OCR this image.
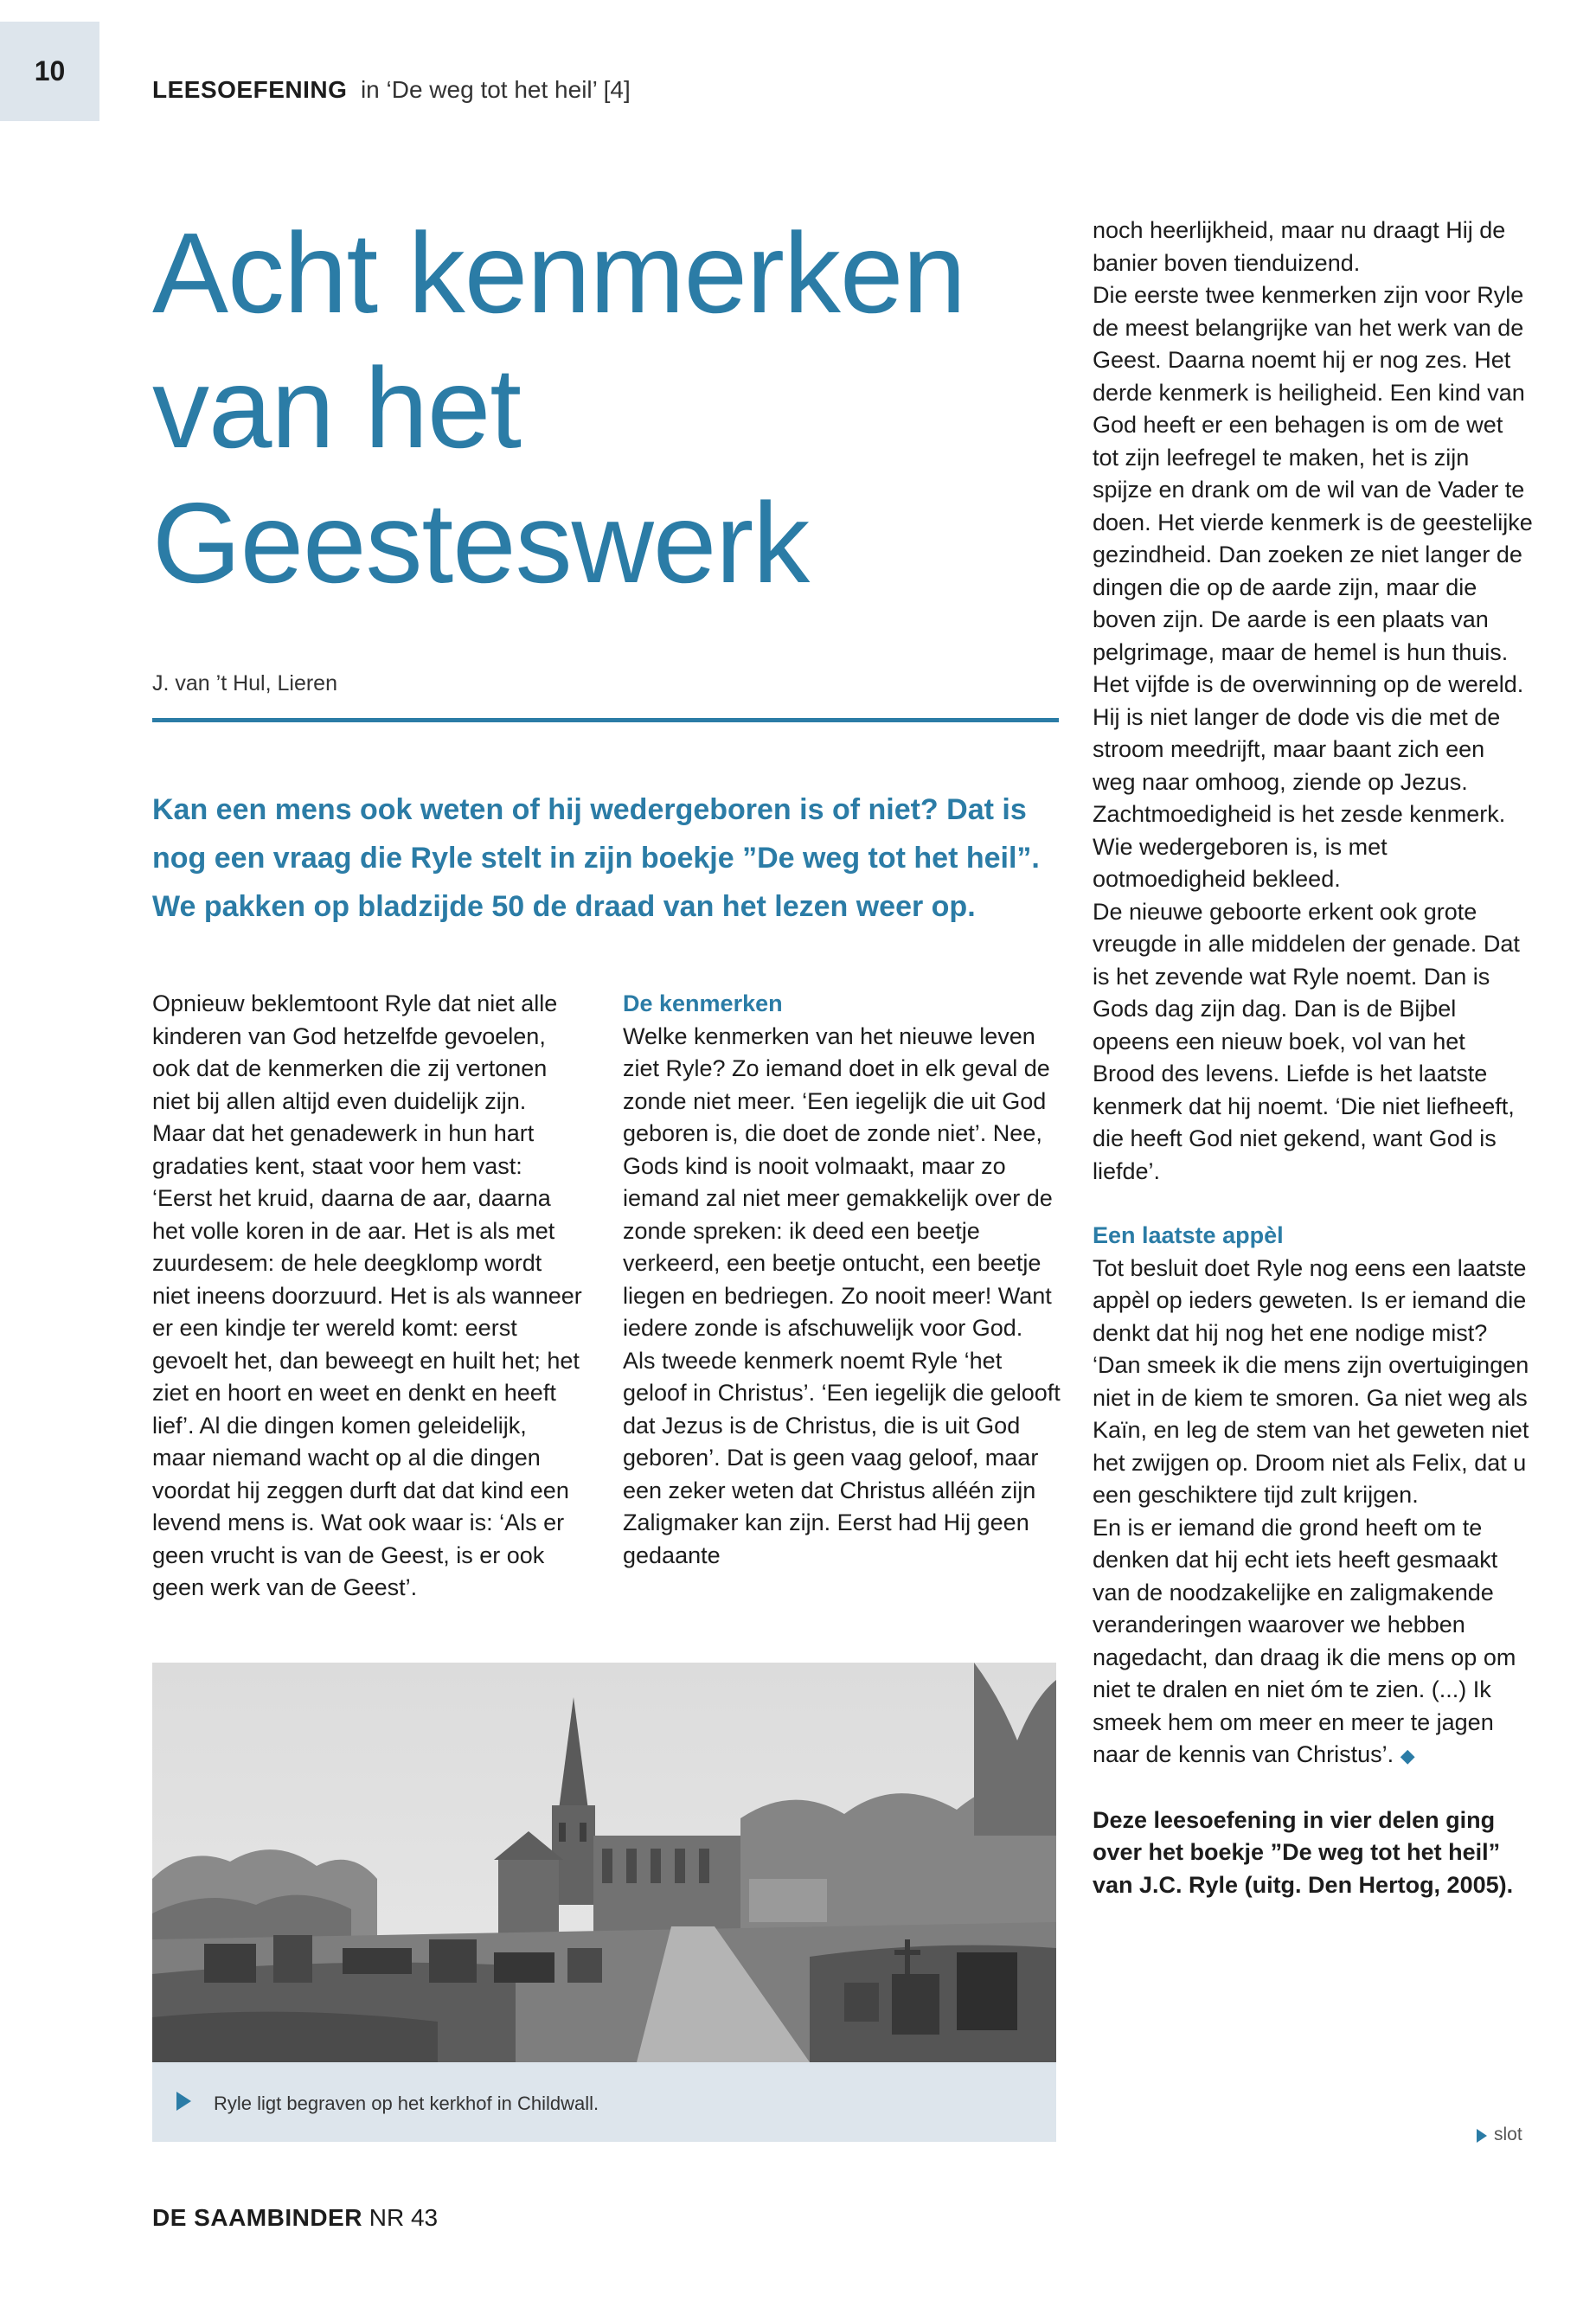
10
LEESOEFENING in ‘De weg tot het heil’ [4]
Acht kenmerken
van het
Geesteswerk
J. van ’t Hul, Lieren
Kan een mens ook weten of hij wedergeboren is of niet? Dat is nog een vraag die Ryle stelt in zijn boekje ”De weg tot het heil”. We pakken op bladzijde 50 de draad van het lezen weer op.

Opnieuw beklemtoont Ryle dat niet alle kinderen van God hetzelfde gevoelen, ook dat de kenmerken die zij vertonen niet bij allen altijd even duidelijk zijn. Maar dat het genadewerk in hun hart gradaties kent, staat voor hem vast: ‘Eerst het kruid, daarna de aar, daarna het volle koren in de aar. Het is als met zuurdesem: de hele deegklomp wordt niet ineens doorzuurd. Het is als wanneer er een kindje ter wereld komt: eerst gevoelt het, dan beweegt en huilt het; het ziet en hoort en weet en denkt en heeft lief’. Al die dingen komen geleidelijk, maar niemand wacht op al die dingen voordat hij zeggen durft dat dat kind een levend mens is. Wat ook waar is: ‘Als er geen vrucht is van de Geest, is er ook geen werk van de Geest’.

De kenmerken

Welke kenmerken van het nieuwe leven ziet Ryle? Zo iemand doet in elk geval de zonde niet meer. ‘Een iegelijk die uit God geboren is, die doet de zonde niet’. Nee, Gods kind is nooit volmaakt, maar zo iemand zal niet meer gemakkelijk over de zonde spreken: ik deed een beetje verkeerd, een beetje ontucht, een beetje liegen en bedriegen. Zo nooit meer! Want iedere zonde is afschuwelijk voor God.

Als tweede kenmerk noemt Ryle ‘het geloof in Christus’. ‘Een iegelijk die gelooft dat Jezus is de Christus, die is uit God geboren’. Dat is geen vaag geloof, maar een zeker weten dat Christus alléén zijn Zaligmaker kan zijn. Eerst had Hij geen gedaante

noch heerlijkheid, maar nu draagt Hij de banier boven tienduizend.

Die eerste twee kenmerken zijn voor Ryle de meest belangrijke van het werk van de Geest. Daarna noemt hij er nog zes. Het derde kenmerk is heiligheid. Een kind van God heeft er een behagen is om de wet tot zijn leefregel te maken, het is zijn spijze en drank om de wil van de Vader te doen. Het vierde kenmerk is de geestelijke gezindheid. Dan zoeken ze niet langer de dingen die op de aarde zijn, maar die boven zijn. De aarde is een plaats van pelgrimage, maar de hemel is hun thuis.

Het vijfde is de overwinning op de wereld. Hij is niet langer de dode vis die met de stroom meedrijft, maar baant zich een weg naar omhoog, ziende op Jezus. Zachtmoedigheid is het zesde kenmerk. Wie wedergeboren is, is met ootmoedigheid bekleed.

De nieuwe geboorte erkent ook grote vreugde in alle middelen der genade. Dat is het zevende wat Ryle noemt. Dan is Gods dag zijn dag. Dan is de Bijbel opeens een nieuw boek, vol van het Brood des levens. Liefde is het laatste kenmerk dat hij noemt. ‘Die niet liefheeft, die heeft God niet gekend, want God is liefde’.

Een laatste appèl

Tot besluit doet Ryle nog eens een laatste appèl op ieders geweten. Is er iemand die denkt dat hij nog het ene nodige mist? ‘Dan smeek ik die mens zijn overtuigingen niet in de kiem te smoren. Ga niet weg als Kaïn, en leg de stem van het geweten niet het zwijgen op. Droom niet als Felix, dat u een geschiktere tijd zult krijgen.

En is er iemand die grond heeft om te denken dat hij echt iets heeft gesmaakt van de noodzakelijke en zaligmakende veranderingen waarover we hebben nagedacht, dan draag ik die mens op om niet te dralen en niet óm te zien. (...) Ik smeek hem om meer en meer te jagen naar de kennis van Christus’. ◆

Deze leesoefening in vier delen ging over het boekje ”De weg tot het heil” van J.C. Ryle (uitg. Den Hertog, 2005).

Ryle ligt begraven op het kerkhof in Childwall.
slot
DE SAAMBINDER NR 43
